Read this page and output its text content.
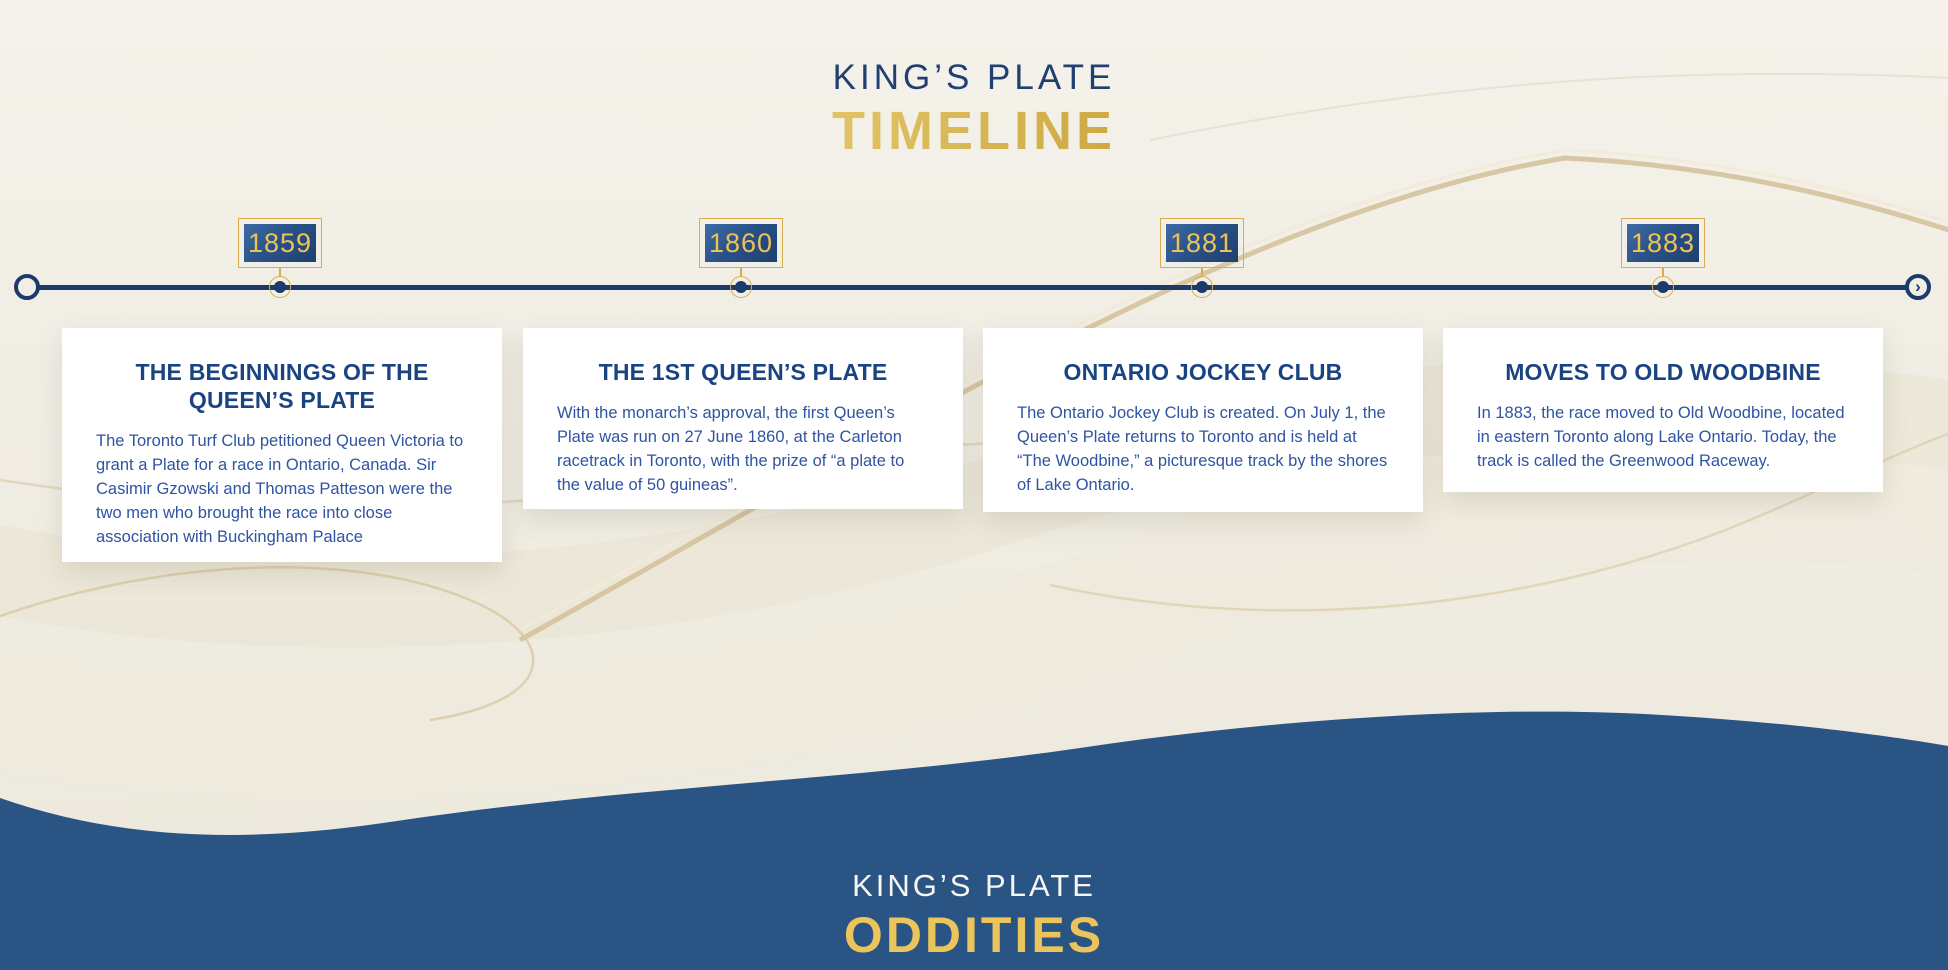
KING’S PLATE
TIMELINE
›
1859	1860	1881	1883
THE BEGINNINGS OF THE QUEEN’S PLATE

The Toronto Turf Club petitioned Queen Victoria to grant a Plate for a race in Ontario, Canada. Sir Casimir Gzowski and Thomas Patteson were the two men who brought the race into close association with Buckingham Palace

THE 1ST QUEEN’S PLATE

With the monarch’s approval, the first Queen’s Plate was run on 27 June 1860, at the Carleton racetrack in Toronto, with the prize of “a plate to the value of 50 guineas”.

ONTARIO JOCKEY CLUB

The Ontario Jockey Club is created. On July 1, the Queen’s Plate returns to Toronto and is held at “The Woodbine,” a picturesque track by the shores of Lake Ontario.

MOVES TO OLD WOODBINE

In 1883, the race moved to Old Woodbine, located in eastern Toronto along Lake Ontario. Today, the track is called the Greenwood Raceway.

KING’S PLATE
ODDITIES
